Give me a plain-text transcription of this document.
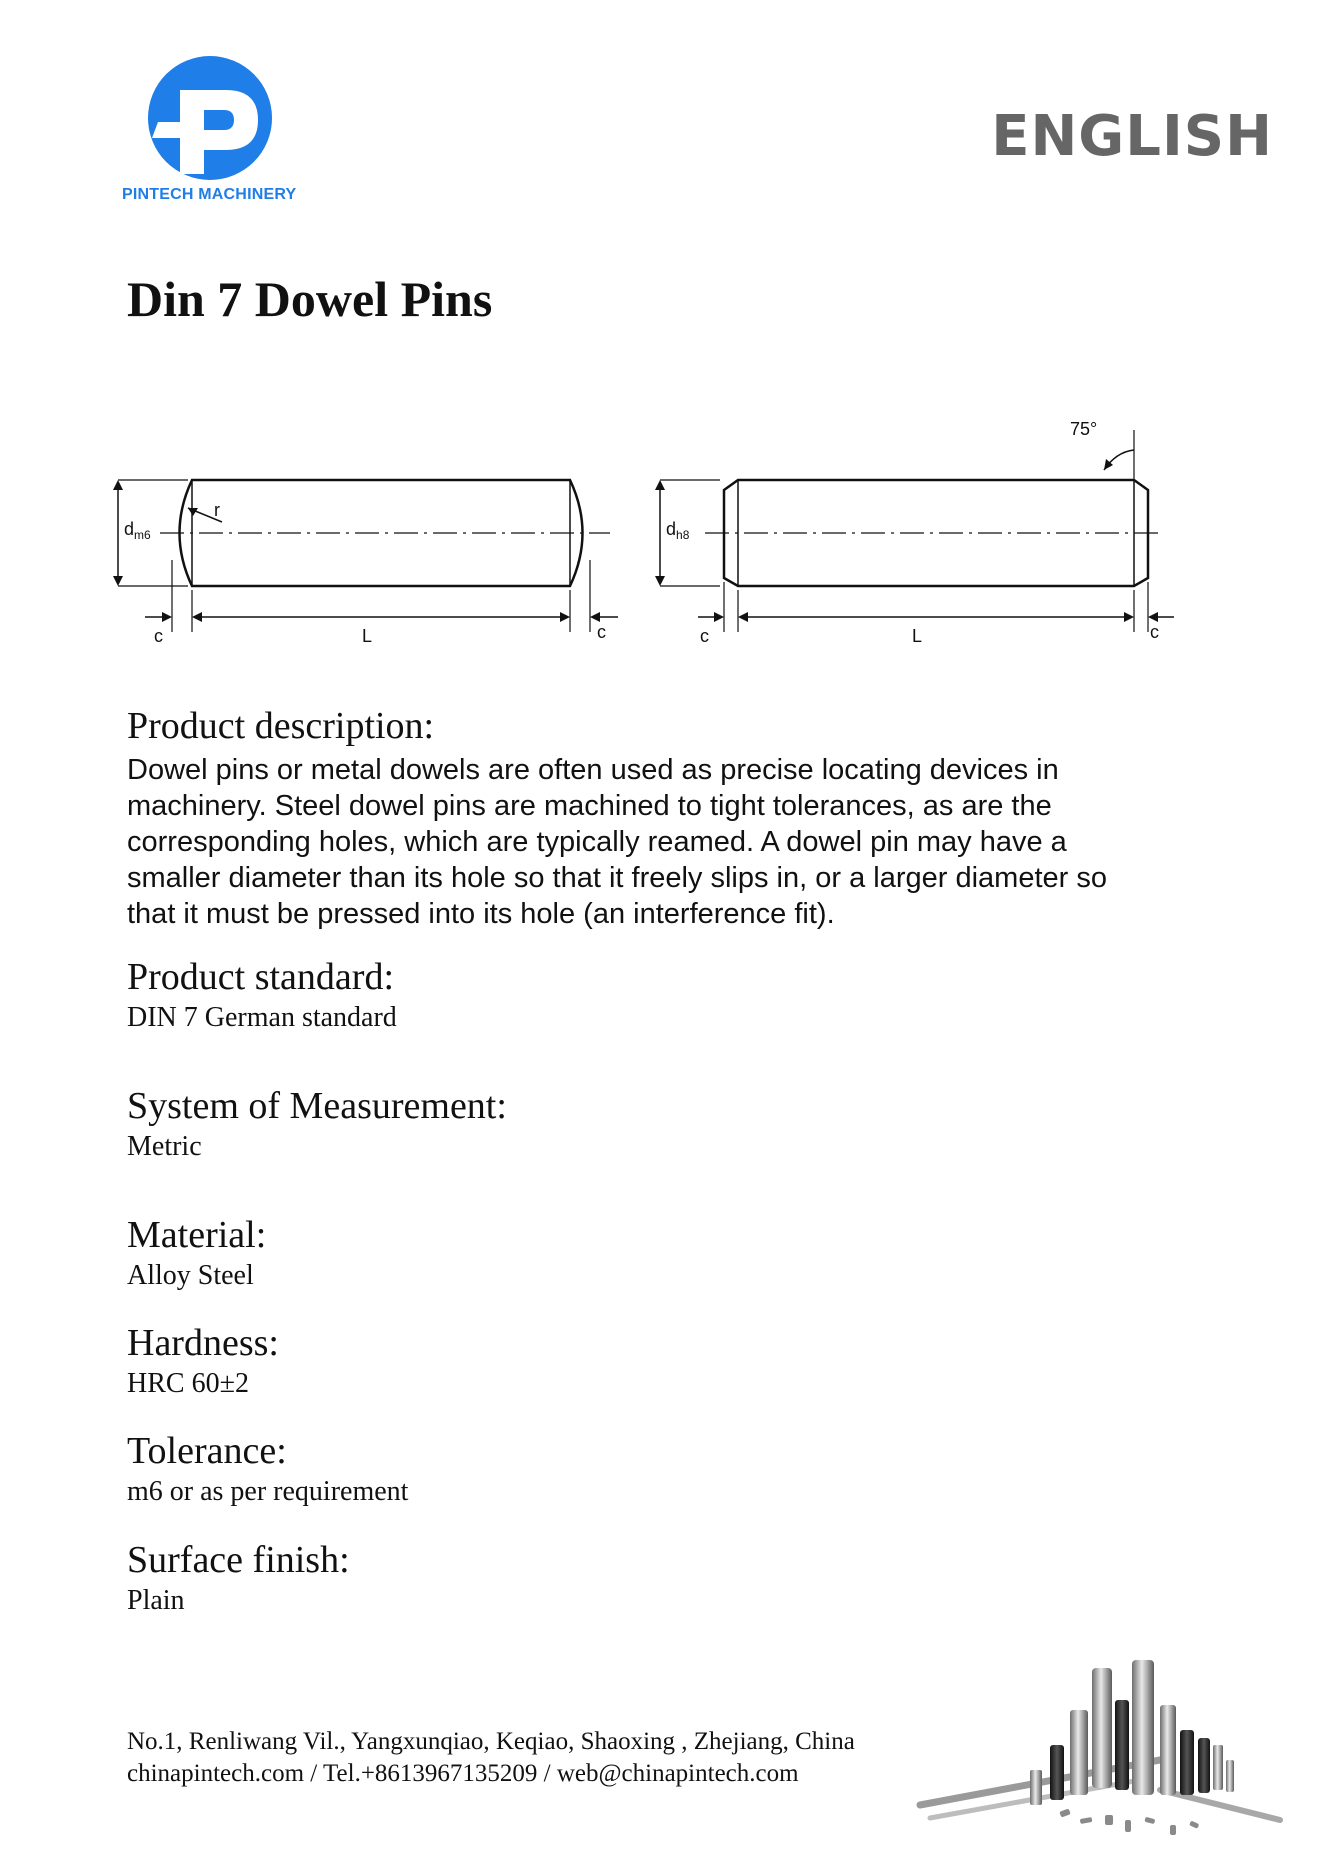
PINTECH MACHINERY
ENGLISH
Din 7 Dowel Pins
$d_{m6}$
r
L
c	c
$d_{h8}$
75°
L
c	c
Product description:
Dowel pins or metal dowels are often used as precise locating devices in
machinery. Steel dowel pins are machined to tight tolerances, as are the
corresponding holes, which are typically reamed. A dowel pin may have a
smaller diameter than its hole so that it freely slips in, or a larger diameter so
that it must be pressed into its hole (an interference fit).
Product standard:
DIN 7 German standard
System of Measurement:
Metric
Material:
Alloy Steel
Hardness:
HRC 60±2
Tolerance:
m6 or as per requirement
Surface finish:
Plain
No.1, Renliwang Vil., Yangxunqiao, Keqiao, Shaoxing , Zhejiang, China
chinapintech.com / Tel.+8613967135209 / web@chinapintech.com
